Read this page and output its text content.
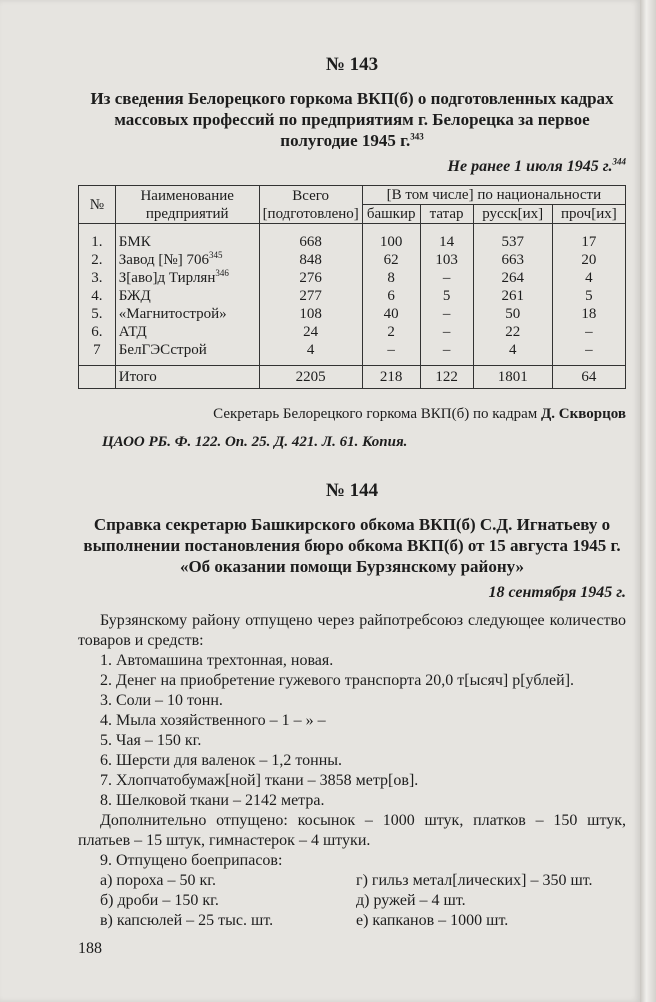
№ 143
Из сведения Белорецкого горкома ВКП(б) о подготовленных кадрах массовых профессий по предприятиям г. Белорецка за первое полугодие 1945 г.$^{343}$
Не ранее 1 июля 1945 г.$^{344}$
№	Наименование предприятий	Всего [подготовлено]	[В том числе] по национальности			
			башкир	татар	русск[их]	проч[их]
1.	БМК	668	100	14	537	17
2.	Завод [№] 706$^{345}$	848	62	103	663	20
3.	З[аво]д Тирлян$^{346}$	276	8	–	264	4
4.	БЖД	277	6	5	261	5
5.	«Магнитострой»	108	40	–	50	18
6.	АТД	24	2	–	22	–
7	БелГЭСстрой	4	–	–	4	–
	Итого	2205	218	122	1801	64
Секретарь Белорецкого горкома ВКП(б) по кадрам Д. Скворцов
ЦАОО РБ. Ф. 122. Оп. 25. Д. 421. Л. 61. Копия.
№ 144
Справка секретарю Башкирского обкома ВКП(б) С.Д. Игнатьеву о выполнении постановления бюро обкома ВКП(б) от 15 августа 1945 г. «Об оказании помощи Бурзянскому району»
18 сентября 1945 г.
Бурзянскому району отпущено через райпотребсоюз следующее количество товаров и средств:
1. Автомашина трехтонная, новая.
2. Денег на приобретение гужевого транспорта 20,0 т[ысяч] р[ублей].
3. Соли – 10 тонн.
4. Мыла хозяйственного – 1 – » –
5. Чая – 150 кг.
6. Шерсти для валенок – 1,2 тонны.
7. Хлопчатобумаж[ной] ткани – 3858 метр[ов].
8. Шелковой ткани – 2142 метра.
Дополнительно отпущено: косынок – 1000 штук, платков – 150 штук, платьев – 15 штук, гимнастерок – 4 штуки.
9. Отпущено боеприпасов:
а) пороха – 50 кг.
б) дроби – 150 кг.
в) капсюлей – 25 тыс. шт.
г) гильз метал[лических] – 350 шт.
д) ружей – 4 шт.
е) капканов – 1000 шт.
188
